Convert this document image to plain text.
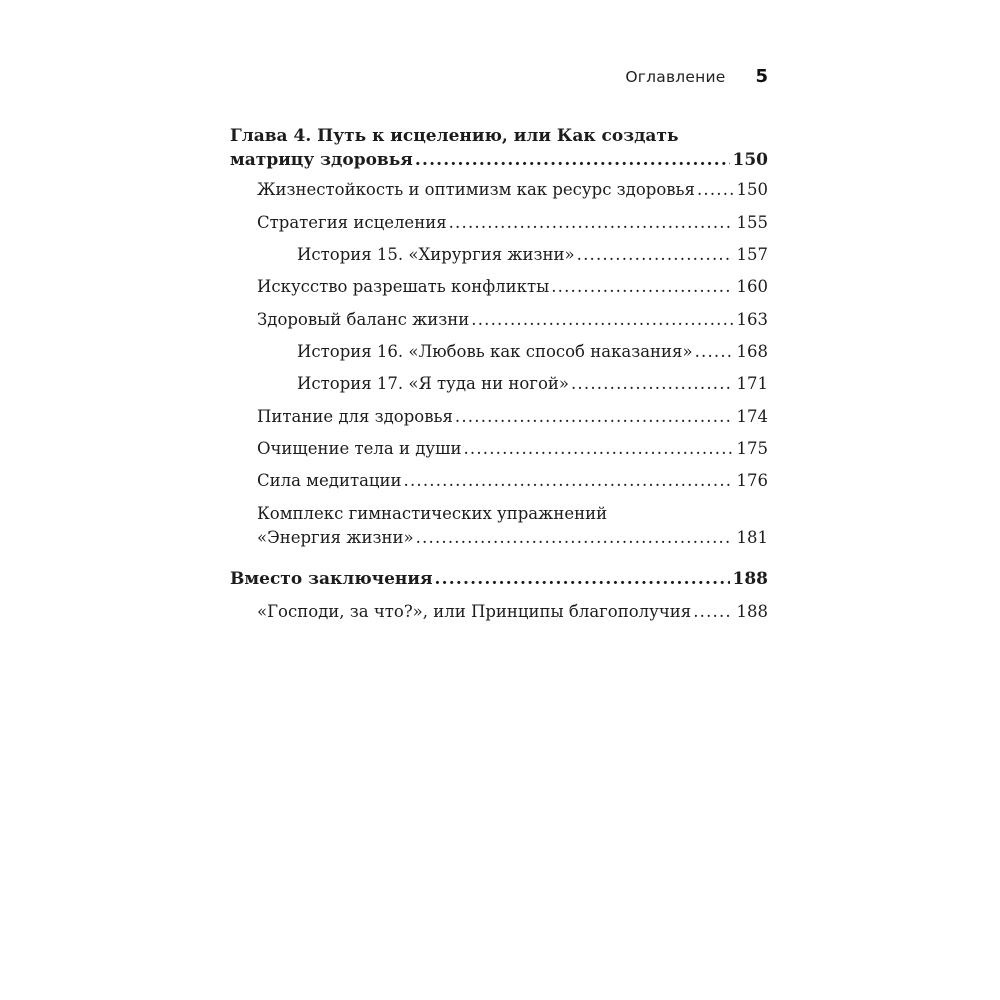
Оглавление 5
Глава 4. Путь к исцелению, или Как создать
матрицу здоровья .....	150
Жизнестойкость и оптимизм как ресурс здоровья .....	150
Стратегия исцеления .....	155
История 15. «Хирургия жизни» .....	157
Искусство разрешать конфликты .....	160
Здоровый баланс жизни .....	163
История 16. «Любовь как способ наказания» .....	168
История 17. «Я туда ни ногой» .....	171
Питание для здоровья .....	174
Очищение тела и души .....	175
Сила медитации .....	176
Комплекс гимнастических упражнений
«Энергия жизни» .....	181
Вместо заключения .....	188
«Господи, за что?», или Принципы благополучия .....	188
